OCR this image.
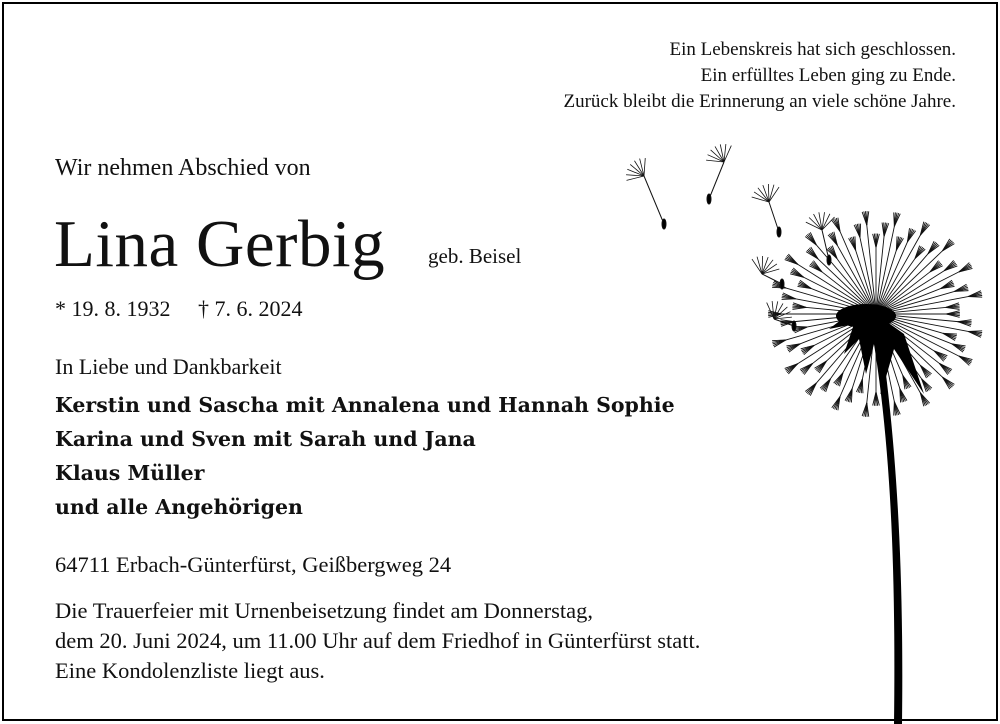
Ein Lebenskreis hat sich geschlossen.
Ein erfülltes Leben ging zu Ende.
Zurück bleibt die Erinnerung an viele schöne Jahre.
Wir nehmen Abschied von
Lina Gerbig geb. Beisel
* 19. 8. 1932 † 7. 6. 2024
In Liebe und Dankbarkeit
Kerstin und Sascha mit Annalena und Hannah Sophie
Karina und Sven mit Sarah und Jana
Klaus Müller
und alle Angehörigen
64711 Erbach-Günterfürst, Geißbergweg 24
Die Trauerfeier mit Urnenbeisetzung findet am Donnerstag,
dem 20. Juni 2024, um 11.00 Uhr auf dem Friedhof in Günterfürst statt.
Eine Kondolenzliste liegt aus.
